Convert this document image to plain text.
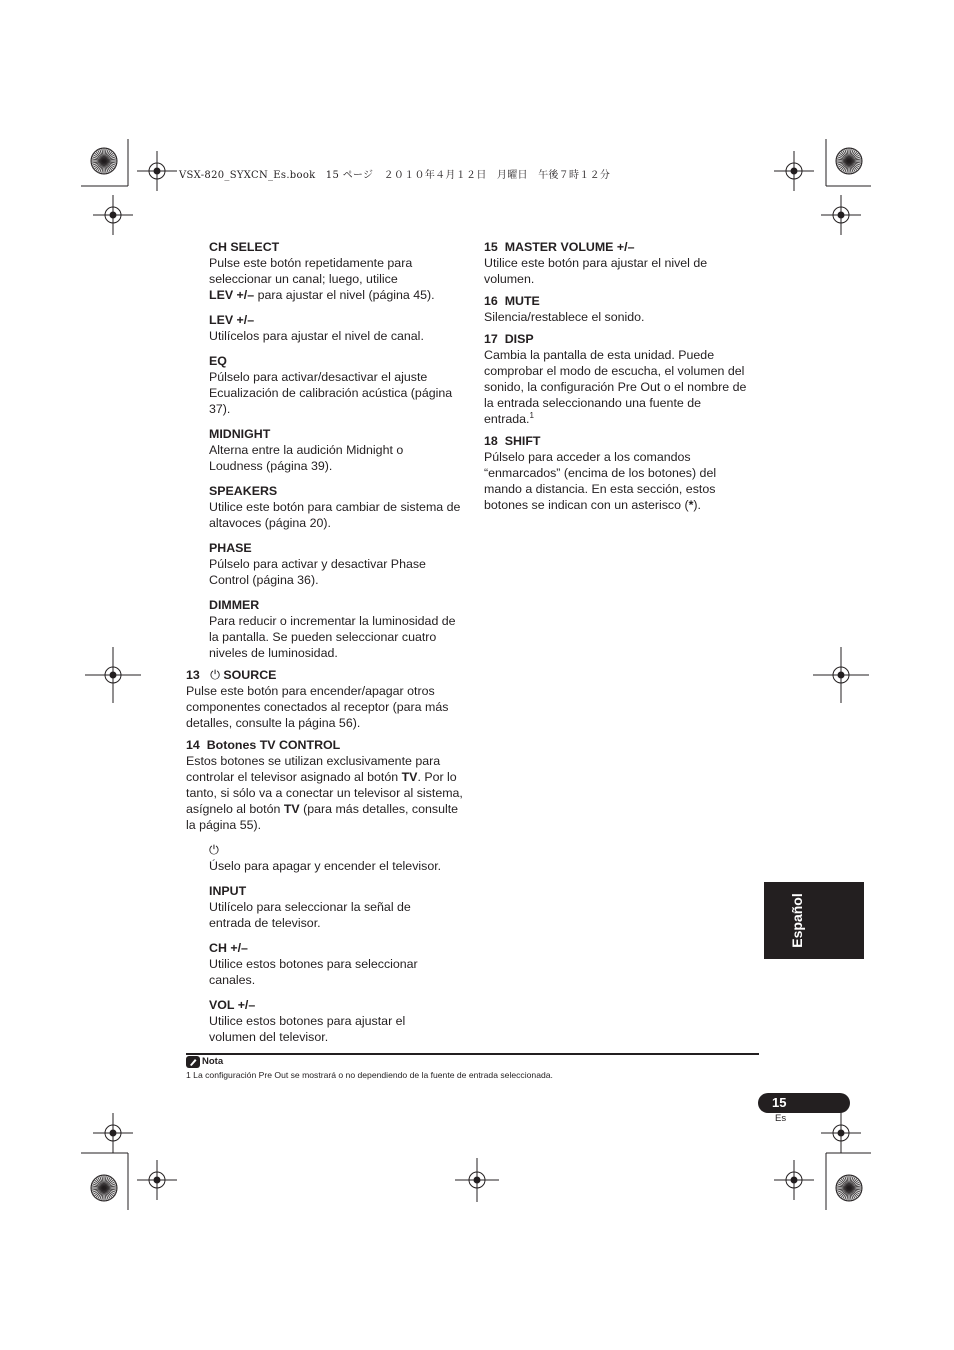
VSX-820_SYXCN_Es.book　15 ページ　２０１０年４月１２日　月曜日　午後７時１２分

CH SELECT

Pulse este botón repetidamente para

seleccionar un canal; luego, utilice

LEV +/– para ajustar el nivel (página 45).

LEV +/–

Utilícelos para ajustar el nivel de canal.

EQ

Púlselo para activar/desactivar el ajuste Ecualización de calibración acústica (página 37).

MIDNIGHT

Alterna entre la audición Midnight o Loudness (página 39).

SPEAKERS

Utilice este botón para cambiar de sistema de altavoces (página 20).

PHASE

Púlselo para activar y desactivar Phase Control (página 36).

DIMMER

Para reducir o incrementar la luminosidad de la pantalla. Se pueden seleccionar cuatro niveles de luminosidad.

13 ⏻ SOURCE

Pulse este botón para encender/apagar otros componentes conectados al receptor (para más detalles, consulte la página 56).

14 Botones TV CONTROL

Estos botones se utilizan exclusivamente para controlar el televisor asignado al botón TV. Por lo tanto, si sólo va a conectar un televisor al sistema, asígnelo al botón TV (para más detalles, consulte la página 55).

⏻

Úselo para apagar y encender el televisor.

INPUT

Utilícelo para seleccionar la señal de entrada de televisor.

CH +/–

Utilice estos botones para seleccionar canales.

VOL +/–

Utilice estos botones para ajustar el volumen del televisor.

15 MASTER VOLUME +/–

Utilice este botón para ajustar el nivel de volumen.

16 MUTE

Silencia/restablece el sonido.

17 DISP

Cambia la pantalla de esta unidad. Puede comprobar el modo de escucha, el volumen del sonido, la configuración Pre Out o el nombre de la entrada seleccionando una fuente de entrada.$^1$

18 SHIFT

Púlselo para acceder a los comandos “enmarcados” (encima de los botones) del mando a distancia. En esta sección, estos botones se indican con un asterisco (*).

Nota
1 La configuración Pre Out se mostrará o no dependiendo de la fuente de entrada seleccionada.
Español
15
Es
